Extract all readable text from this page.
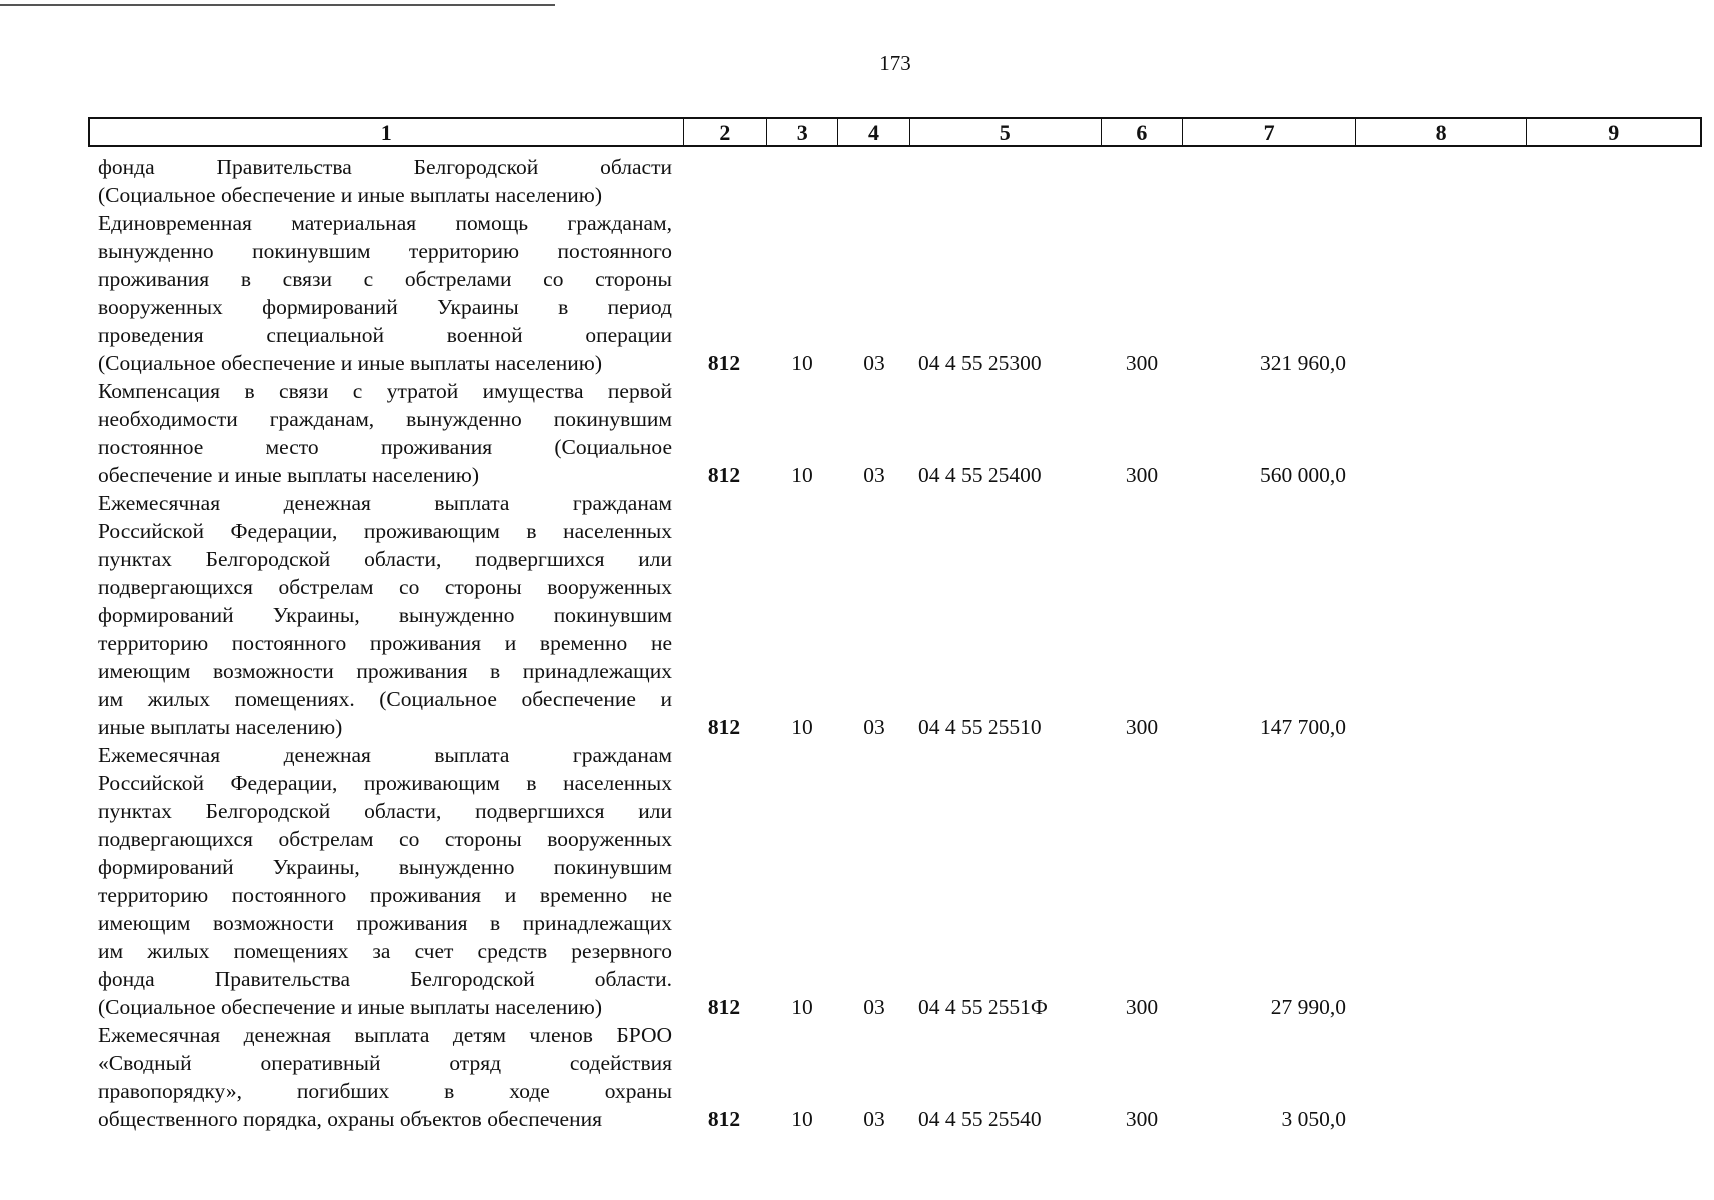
173
1	2	3	4	5	6	7	8	9
фонда Правительства Белгородской области
(Социальное обеспечение и иные выплаты населению)
Единовременная материальная помощь гражданам,
вынужденно покинувшим территорию постоянного
проживания в связи с обстрелами со стороны
вооруженных формирований Украины в период
проведения специальной военной операции
(Социальное обеспечение и иные выплаты населению)	812	10	03	04 4 55 25300	300	321 960,0
Компенсация в связи с утратой имущества первой
необходимости гражданам, вынужденно покинувшим
постоянное место проживания (Социальное
обеспечение и иные выплаты населению)	812	10	03	04 4 55 25400	300	560 000,0
Ежемесячная денежная выплата гражданам
Российской Федерации, проживающим в населенных
пунктах Белгородской области, подвергшихся или
подвергающихся обстрелам со стороны вооруженных
формирований Украины, вынужденно покинувшим
территорию постоянного проживания и временно не
имеющим возможности проживания в принадлежащих
им жилых помещениях. (Социальное обеспечение и
иные выплаты населению)	812	10	03	04 4 55 25510	300	147 700,0
Ежемесячная денежная выплата гражданам
Российской Федерации, проживающим в населенных
пунктах Белгородской области, подвергшихся или
подвергающихся обстрелам со стороны вооруженных
формирований Украины, вынужденно покинувшим
территорию постоянного проживания и временно не
имеющим возможности проживания в принадлежащих
им жилых помещениях за счет средств резервного
фонда Правительства Белгородской области.
(Социальное обеспечение и иные выплаты населению)	812	10	03	04 4 55 2551Ф	300	27 990,0
Ежемесячная денежная выплата детям членов БРОО
«Сводный оперативный отряд содействия
правопорядку», погибших в ходе охраны
общественного порядка, охраны объектов обеспечения	812	10	03	04 4 55 25540	300	3 050,0
